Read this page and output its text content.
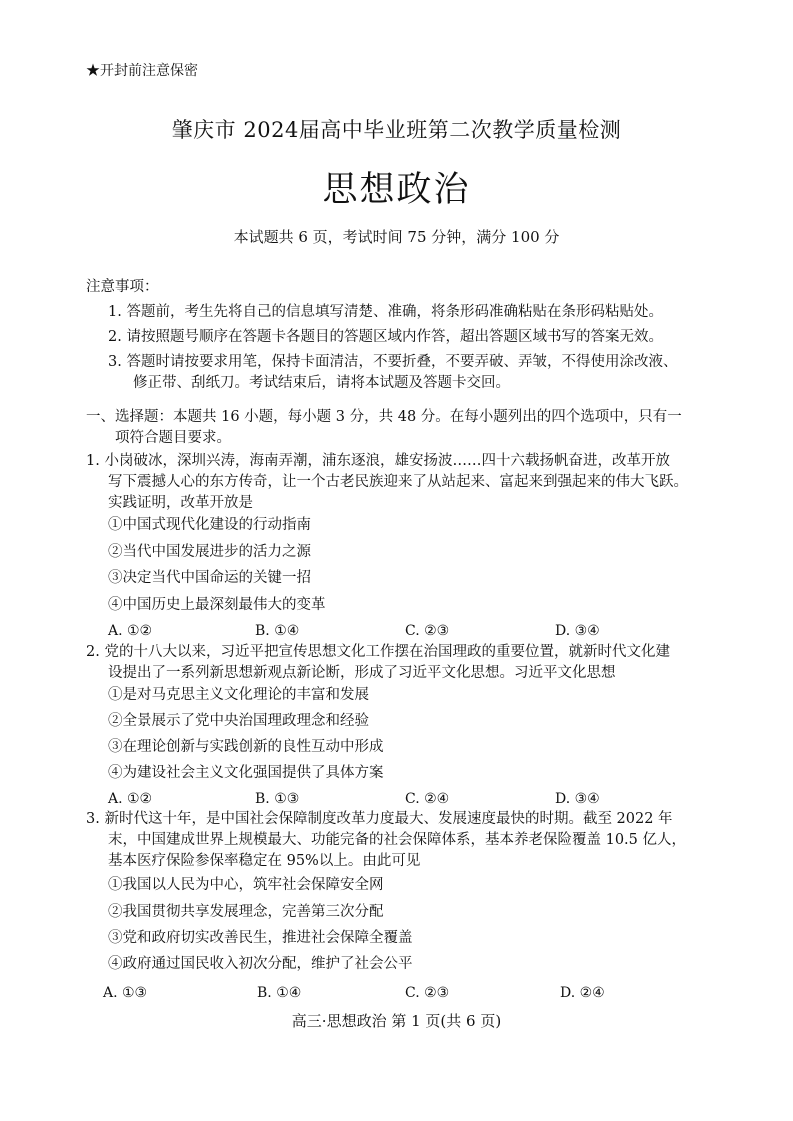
★开封前注意保密
肇庆市 2024届高中毕业班第二次教学质量检测
思想政治
本试题共 6 页，考试时间 75 分钟，满分 100 分
注意事项：
1. 答题前，考生先将自己的信息填写清楚、准确，将条形码准确粘贴在条形码粘贴处。
2. 请按照题号顺序在答题卡各题目的答题区域内作答，超出答题区域书写的答案无效。
3. 答题时请按要求用笔，保持卡面清洁，不要折叠，不要弄破、弄皱，不得使用涂改液、
修正带、刮纸刀。考试结束后，请将本试题及答题卡交回。
一、选择题：本题共 16 小题，每小题 3 分，共 48 分。在每小题列出的四个选项中，只有一
项符合题目要求。
1. 小岗破冰，深圳兴涛，海南弄潮，浦东逐浪，雄安扬波……四十六载扬帆奋进，改革开放
写下震撼人心的东方传奇，让一个古老民族迎来了从站起来、富起来到强起来的伟大飞跃。
实践证明，改革开放是
①中国式现代化建设的行动指南
②当代中国发展进步的活力之源
③决定当代中国命运的关键一招
④中国历史上最深刻最伟大的变革
A. ①②	B. ①④	C. ②③	D. ③④
2. 党的十八大以来，习近平把宣传思想文化工作摆在治国理政的重要位置，就新时代文化建
设提出了一系列新思想新观点新论断，形成了习近平文化思想。习近平文化思想
①是对马克思主义文化理论的丰富和发展
②全景展示了党中央治国理政理念和经验
③在理论创新与实践创新的良性互动中形成
④为建设社会主义文化强国提供了具体方案
A. ①②	B. ①③	C. ②④	D. ③④
3. 新时代这十年，是中国社会保障制度改革力度最大、发展速度最快的时期。截至 2022 年
末，中国建成世界上规模最大、功能完备的社会保障体系，基本养老保险覆盖 10.5 亿人，
基本医疗保险参保率稳定在 95%以上。由此可见
①我国以人民为中心，筑牢社会保障安全网
②我国贯彻共享发展理念，完善第三次分配
③党和政府切实改善民生，推进社会保障全覆盖
④政府通过国民收入初次分配，维护了社会公平
A. ①③	B. ①④	C. ②③	D. ②④
高三·思想政治 第 1 页(共 6 页)
